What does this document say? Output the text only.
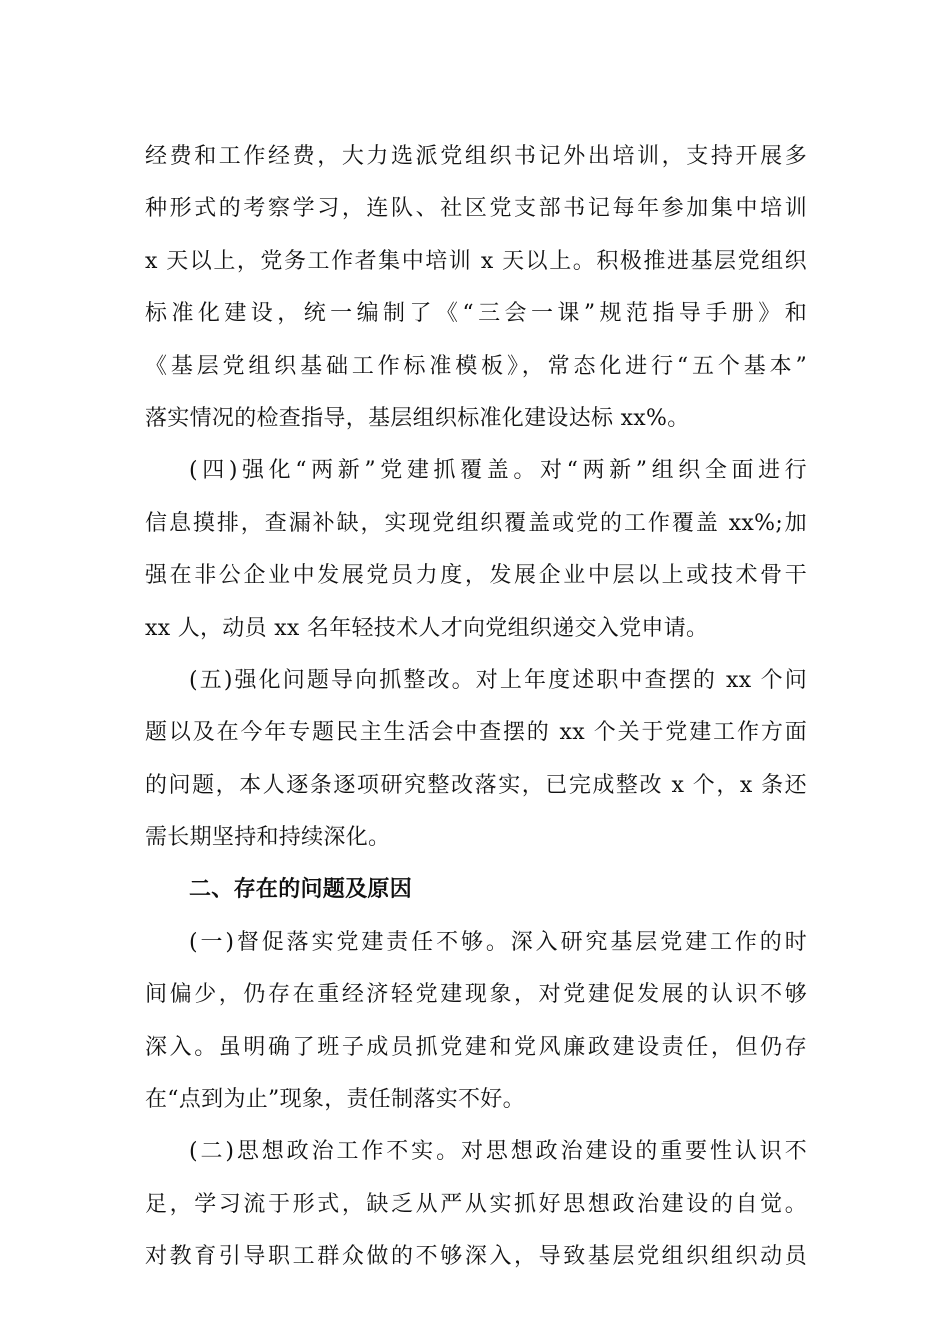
经费和工作经费，大力选派党组织书记外出培训，支持开展多
种形式的考察学习，连队、社区党支部书记每年参加集中培训
x 天以上，党务工作者集中培训 x 天以上。积极推进基层党组织
标准化建设，统一编制了《“三会一课”规范指导手册》和
《基层党组织基础工作标准模板》，常态化进行“五个基本”
落实情况的检查指导，基层组织标准化建设达标 xx%。
(四)强化“两新”党建抓覆盖。对“两新”组织全面进行
信息摸排，查漏补缺，实现党组织覆盖或党的工作覆盖 xx%;加
强在非公企业中发展党员力度，发展企业中层以上或技术骨干
xx 人，动员 xx 名年轻技术人才向党组织递交入党申请。
(五)强化问题导向抓整改。对上年度述职中查摆的 xx 个问
题以及在今年专题民主生活会中查摆的 xx 个关于党建工作方面
的问题，本人逐条逐项研究整改落实，已完成整改 x 个，x 条还
需长期坚持和持续深化。
二、存在的问题及原因
(一)督促落实党建责任不够。深入研究基层党建工作的时
间偏少，仍存在重经济轻党建现象，对党建促发展的认识不够
深入。虽明确了班子成员抓党建和党风廉政建设责任，但仍存
在“点到为止”现象，责任制落实不好。
(二)思想政治工作不实。对思想政治建设的重要性认识不
足，学习流于形式，缺乏从严从实抓好思想政治建设的自觉。
对教育引导职工群众做的不够深入，导致基层党组织组织动员
